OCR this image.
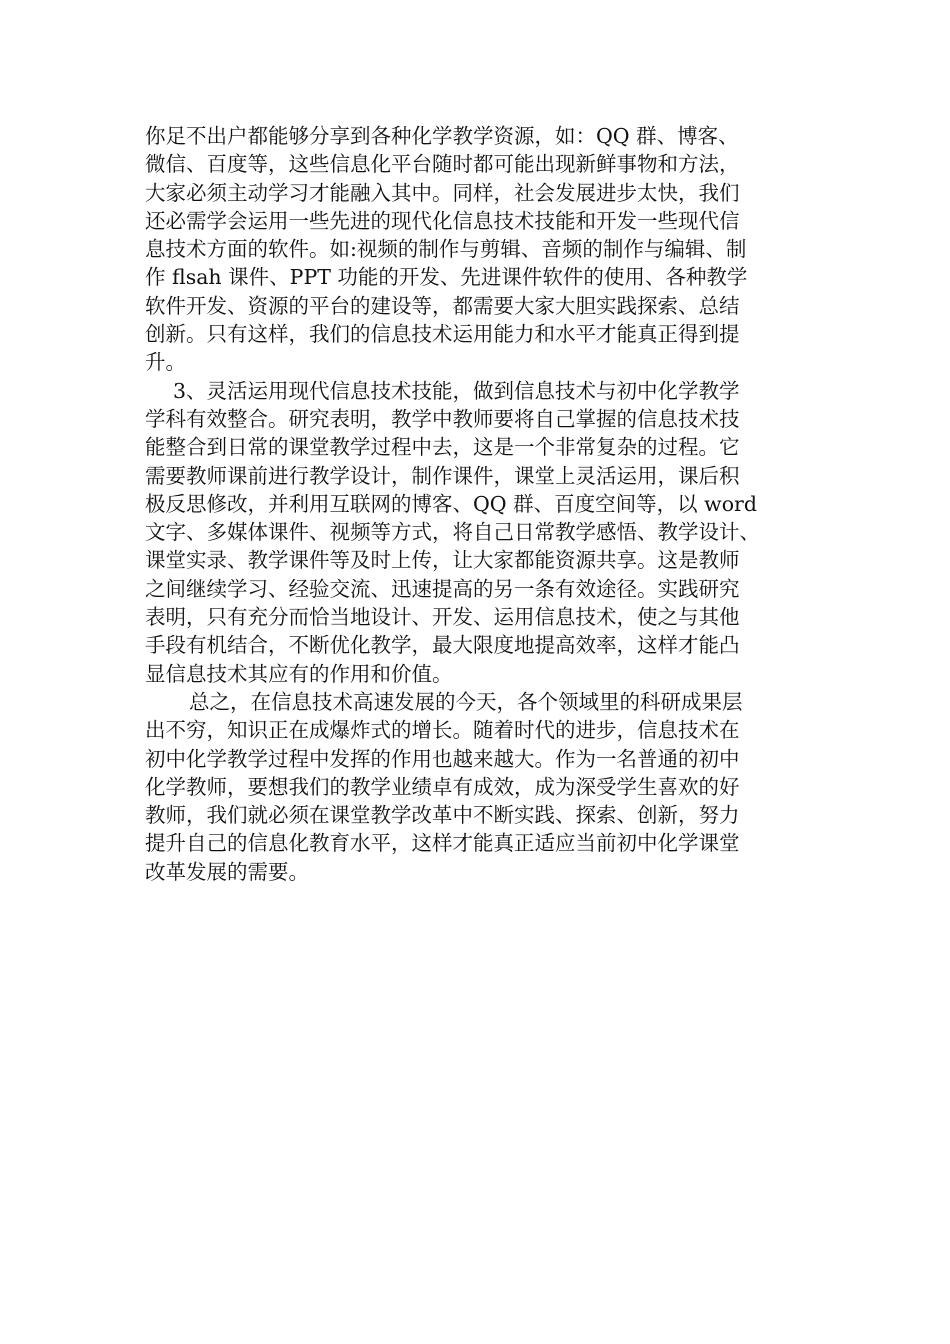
你足不出户都能够分享到各种化学教学资源，如：QQ 群、博客、
微信、百度等，这些信息化平台随时都可能出现新鲜事物和方法，
大家必须主动学习才能融入其中。同样，社会发展进步太快，我们
还必需学会运用一些先进的现代化信息技术技能和开发一些现代信
息技术方面的软件。如:视频的制作与剪辑、音频的制作与编辑、制
作 flsah 课件、PPT 功能的开发、先进课件软件的使用、各种教学
软件开发、资源的平台的建设等，都需要大家大胆实践探索、总结
创新。只有这样，我们的信息技术运用能力和水平才能真正得到提
升。
3、灵活运用现代信息技术技能，做到信息技术与初中化学教学
学科有效整合。研究表明，教学中教师要将自己掌握的信息技术技
能整合到日常的课堂教学过程中去，这是一个非常复杂的过程。它
需要教师课前进行教学设计，制作课件，课堂上灵活运用，课后积
极反思修改，并利用互联网的博客、QQ 群、百度空间等，以 word
文字、多媒体课件、视频等方式，将自己日常教学感悟、教学设计、
课堂实录、教学课件等及时上传，让大家都能资源共享。这是教师
之间继续学习、经验交流、迅速提高的另一条有效途径。实践研究
表明，只有充分而恰当地设计、开发、运用信息技术，使之与其他
手段有机结合，不断优化教学，最大限度地提高效率，这样才能凸
显信息技术其应有的作用和价值。
总之，在信息技术高速发展的今天，各个领域里的科研成果层
出不穷，知识正在成爆炸式的增长。随着时代的进步，信息技术在
初中化学教学过程中发挥的作用也越来越大。作为一名普通的初中
化学教师，要想我们的教学业绩卓有成效，成为深受学生喜欢的好
教师，我们就必须在课堂教学改革中不断实践、探索、创新，努力
提升自己的信息化教育水平，这样才能真正适应当前初中化学课堂
改革发展的需要。
